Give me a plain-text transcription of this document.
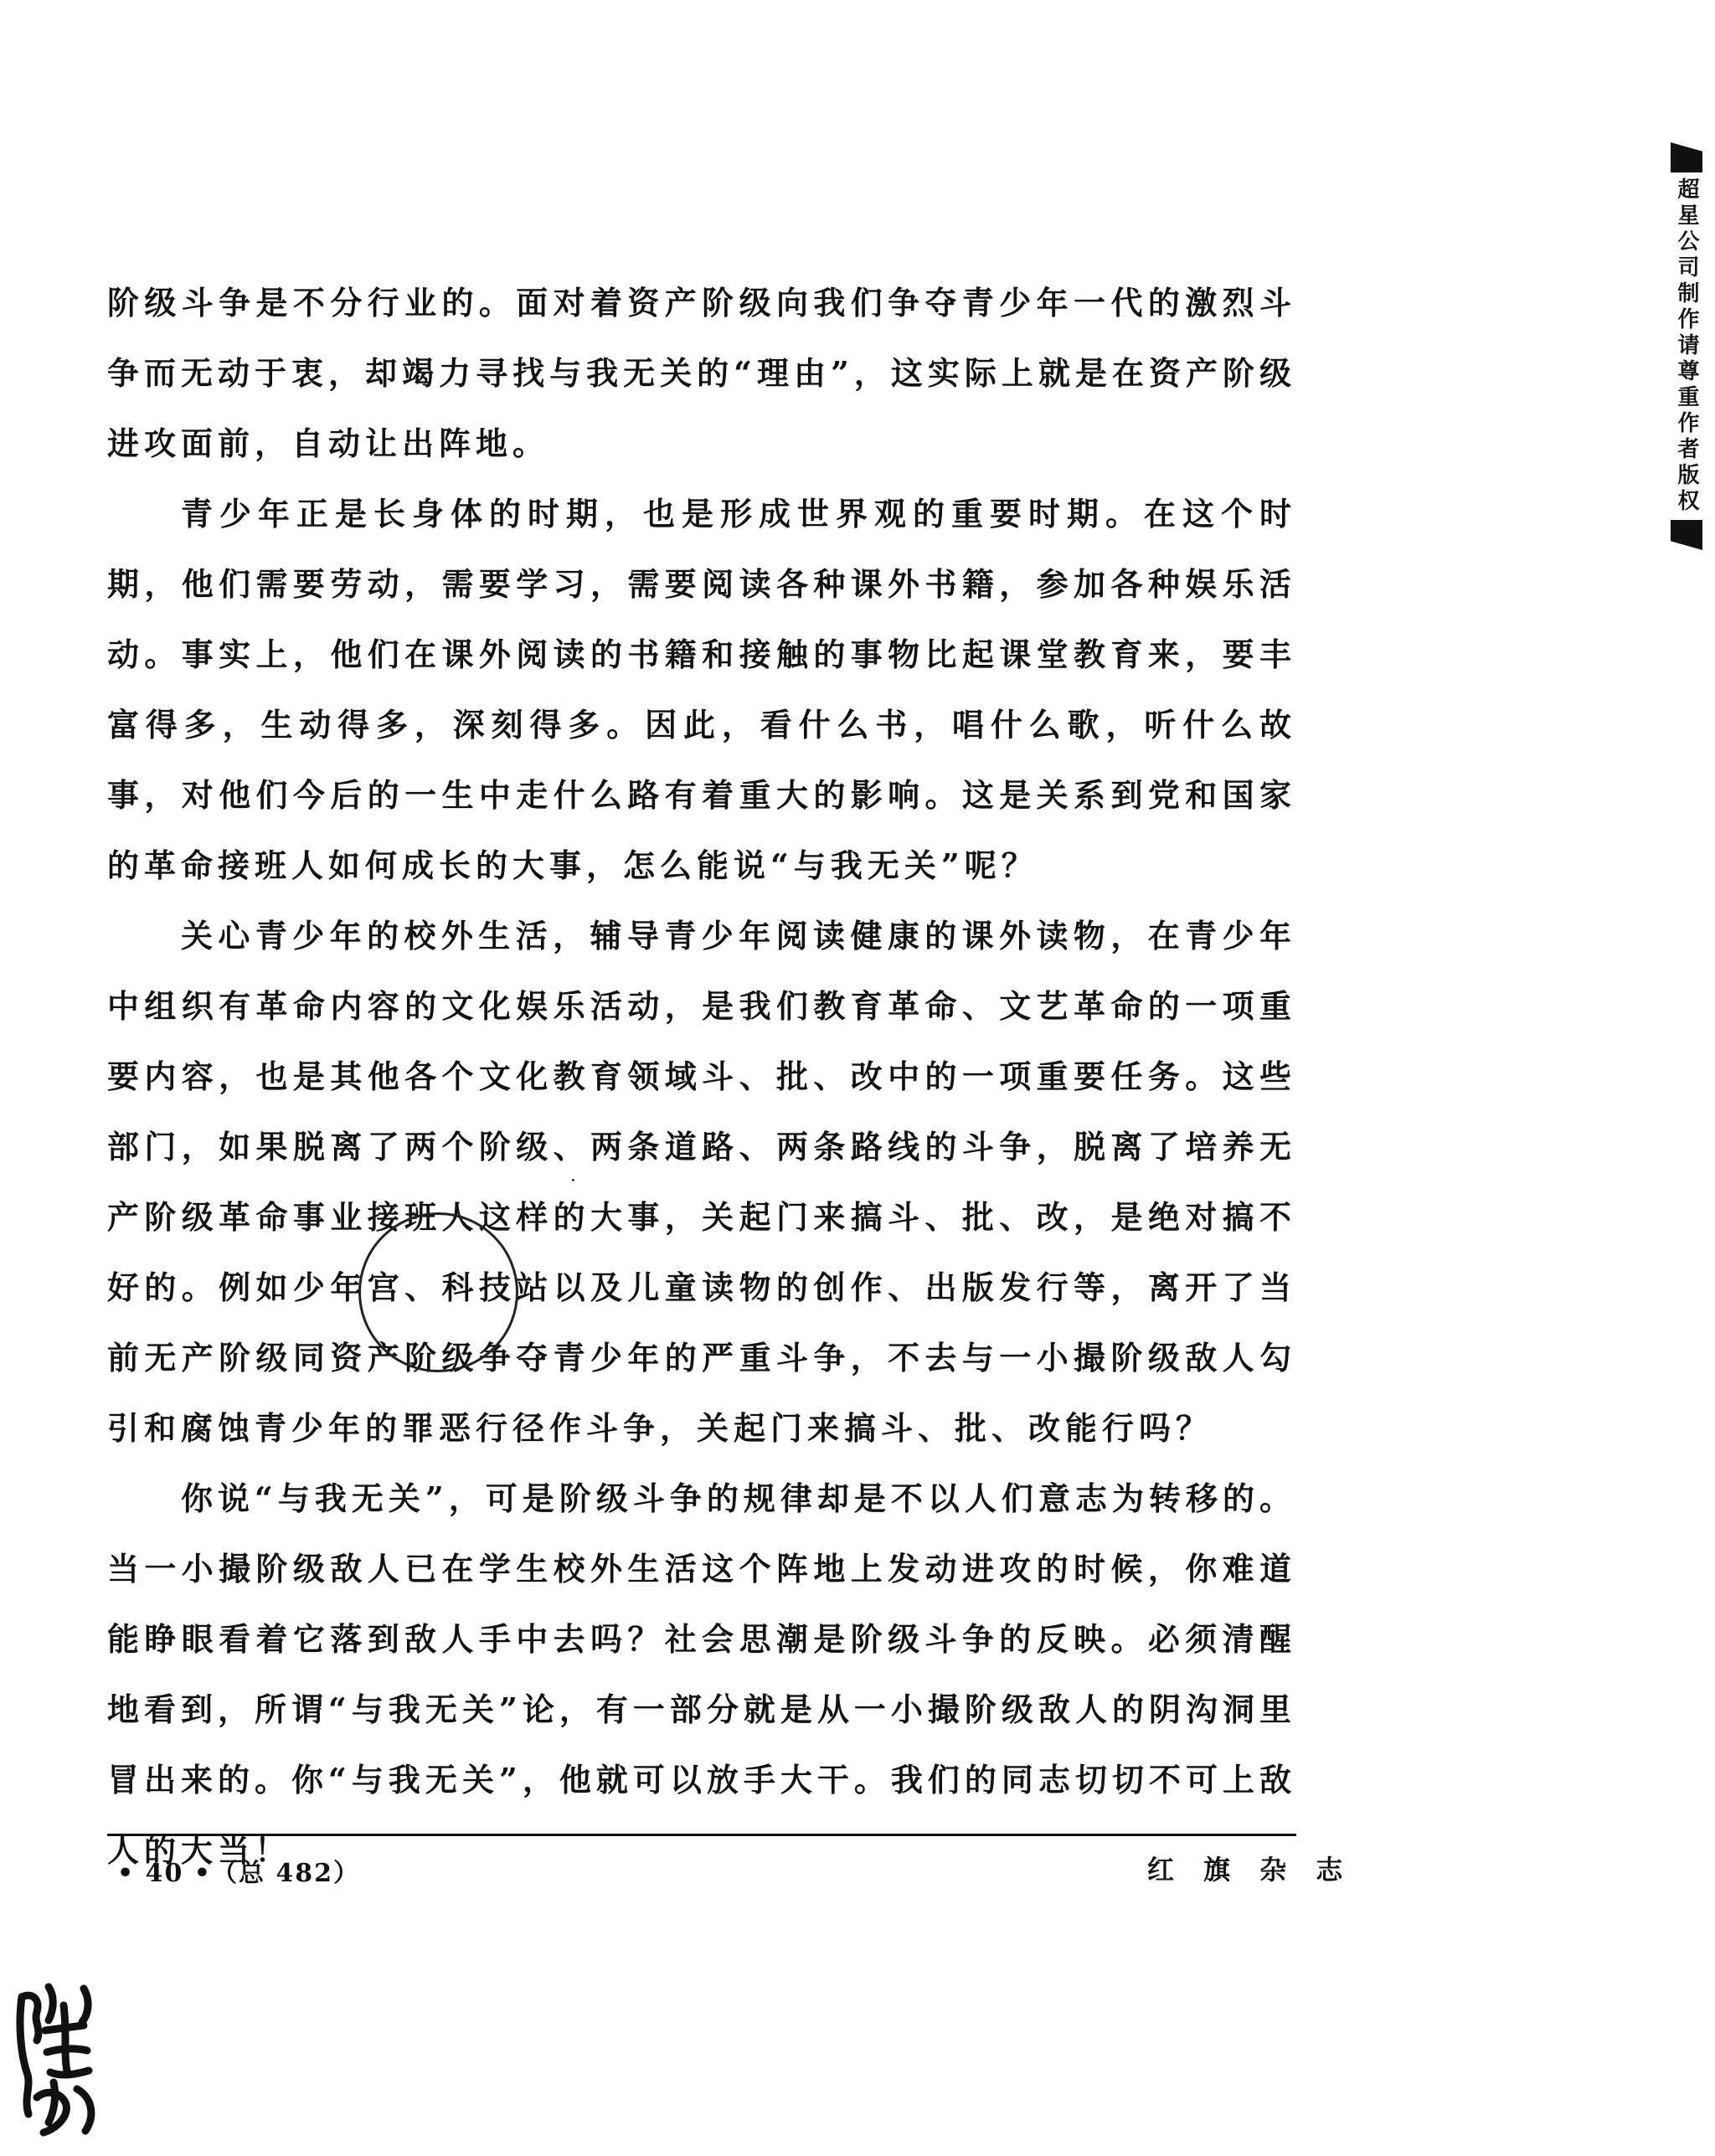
阶级斗争是不分行业的。面对着资产阶级向我们争夺青少年一代的激烈斗争而无动于衷，却竭力寻找与我无关的“理由”，这实际上就是在资产阶级进攻面前，自动让出阵地。

青少年正是长身体的时期，也是形成世界观的重要时期。在这个时期，他们需要劳动，需要学习，需要阅读各种课外书籍，参加各种娱乐活动。事实上，他们在课外阅读的书籍和接触的事物比起课堂教育来，要丰富得多，生动得多，深刻得多。因此，看什么书，唱什么歌，听什么故事，对他们今后的一生中走什么路有着重大的影响。这是关系到党和国家的革命接班人如何成长的大事，怎么能说“与我无关”呢？

关心青少年的校外生活，辅导青少年阅读健康的课外读物，在青少年中组织有革命内容的文化娱乐活动，是我们教育革命、文艺革命的一项重要内容，也是其他各个文化教育领域斗、批、改中的一项重要任务。这些部门，如果脱离了两个阶级、两条道路、两条路线的斗争，脱离了培养无产阶级革命事业接班人这样的大事，关起门来搞斗、批、改，是绝对搞不好的。例如少年宫、科技站以及儿童读物的创作、出版发行等，离开了当前无产阶级同资产阶级争夺青少年的严重斗争，不去与一小撮阶级敌人勾引和腐蚀青少年的罪恶行径作斗争，关起门来搞斗、批、改能行吗？

你说“与我无关”，可是阶级斗争的规律却是不以人们意志为转移的。当一小撮阶级敌人已在学生校外生活这个阵地上发动进攻的时候，你难道能睁眼看着它落到敌人手中去吗？社会思潮是阶级斗争的反映。必须清醒地看到，所谓“与我无关”论，有一部分就是从一小撮阶级敌人的阴沟洞里冒出来的。你“与我无关”，他就可以放手大干。我们的同志切切不可上敌人的大当！

• 40 •（总 482）	红 旗 杂 志
超星公司制作请尊重作者版权
